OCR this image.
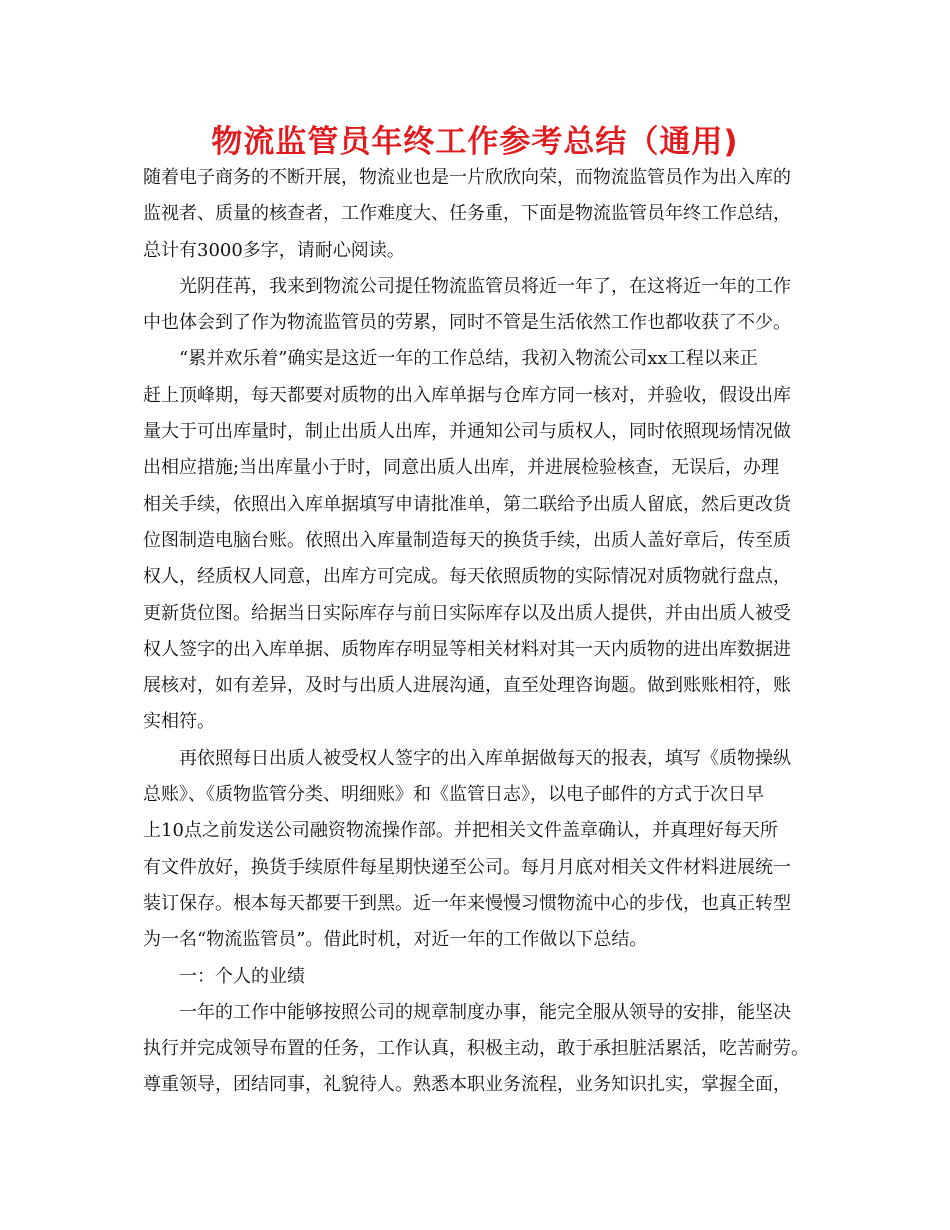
物流监管员年终工作参考总结（通用)
随着电子商务的不断开展，物流业也是一片欣欣向荣，而物流监管员作为出入库的
监视者、质量的核查者，工作难度大、任务重，下面是物流监管员年终工作总结，
总计有3000多字，请耐心阅读。
光阴荏苒，我来到物流公司提任物流监管员将近一年了，在这将近一年的工作
中也体会到了作为物流监管员的劳累，同时不管是生活依然工作也都收获了不少。
“累并欢乐着”确实是这近一年的工作总结，我初入物流公司xx工程以来正
赶上顶峰期，每天都要对质物的出入库单据与仓库方同一核对，并验收，假设出库
量大于可出库量时，制止出质人出库，并通知公司与质权人，同时依照现场情况做
出相应措施;当出库量小于时，同意出质人出库，并进展检验核查，无误后，办理
相关手续，依照出入库单据填写申请批准单，第二联给予出质人留底，然后更改货
位图制造电脑台账。依照出入库量制造每天的换货手续，出质人盖好章后，传至质
权人，经质权人同意，出库方可完成。每天依照质物的实际情况对质物就行盘点，
更新货位图。给据当日实际库存与前日实际库存以及出质人提供，并由出质人被受
权人签字的出入库单据、质物库存明显等相关材料对其一天内质物的进出库数据进
展核对，如有差异，及时与出质人进展沟通，直至处理咨询题。做到账账相符，账
实相符。
再依照每日出质人被受权人签字的出入库单据做每天的报表，填写《质物操纵
总账》、《质物监管分类、明细账》和《监管日志》，以电子邮件的方式于次日早
上10点之前发送公司融资物流操作部。并把相关文件盖章确认，并真理好每天所
有文件放好，换货手续原件每星期快递至公司。每月月底对相关文件材料进展统一
装订保存。根本每天都要干到黑。近一年来慢慢习惯物流中心的步伐，也真正转型
为一名“物流监管员”。借此时机，对近一年的工作做以下总结。
一：个人的业绩
一年的工作中能够按照公司的规章制度办事，能完全服从领导的安排，能坚决
执行并完成领导布置的任务，工作认真，积极主动，敢于承担脏活累活，吃苦耐劳。
尊重领导，团结同事，礼貌待人。熟悉本职业务流程，业务知识扎实，掌握全面，
